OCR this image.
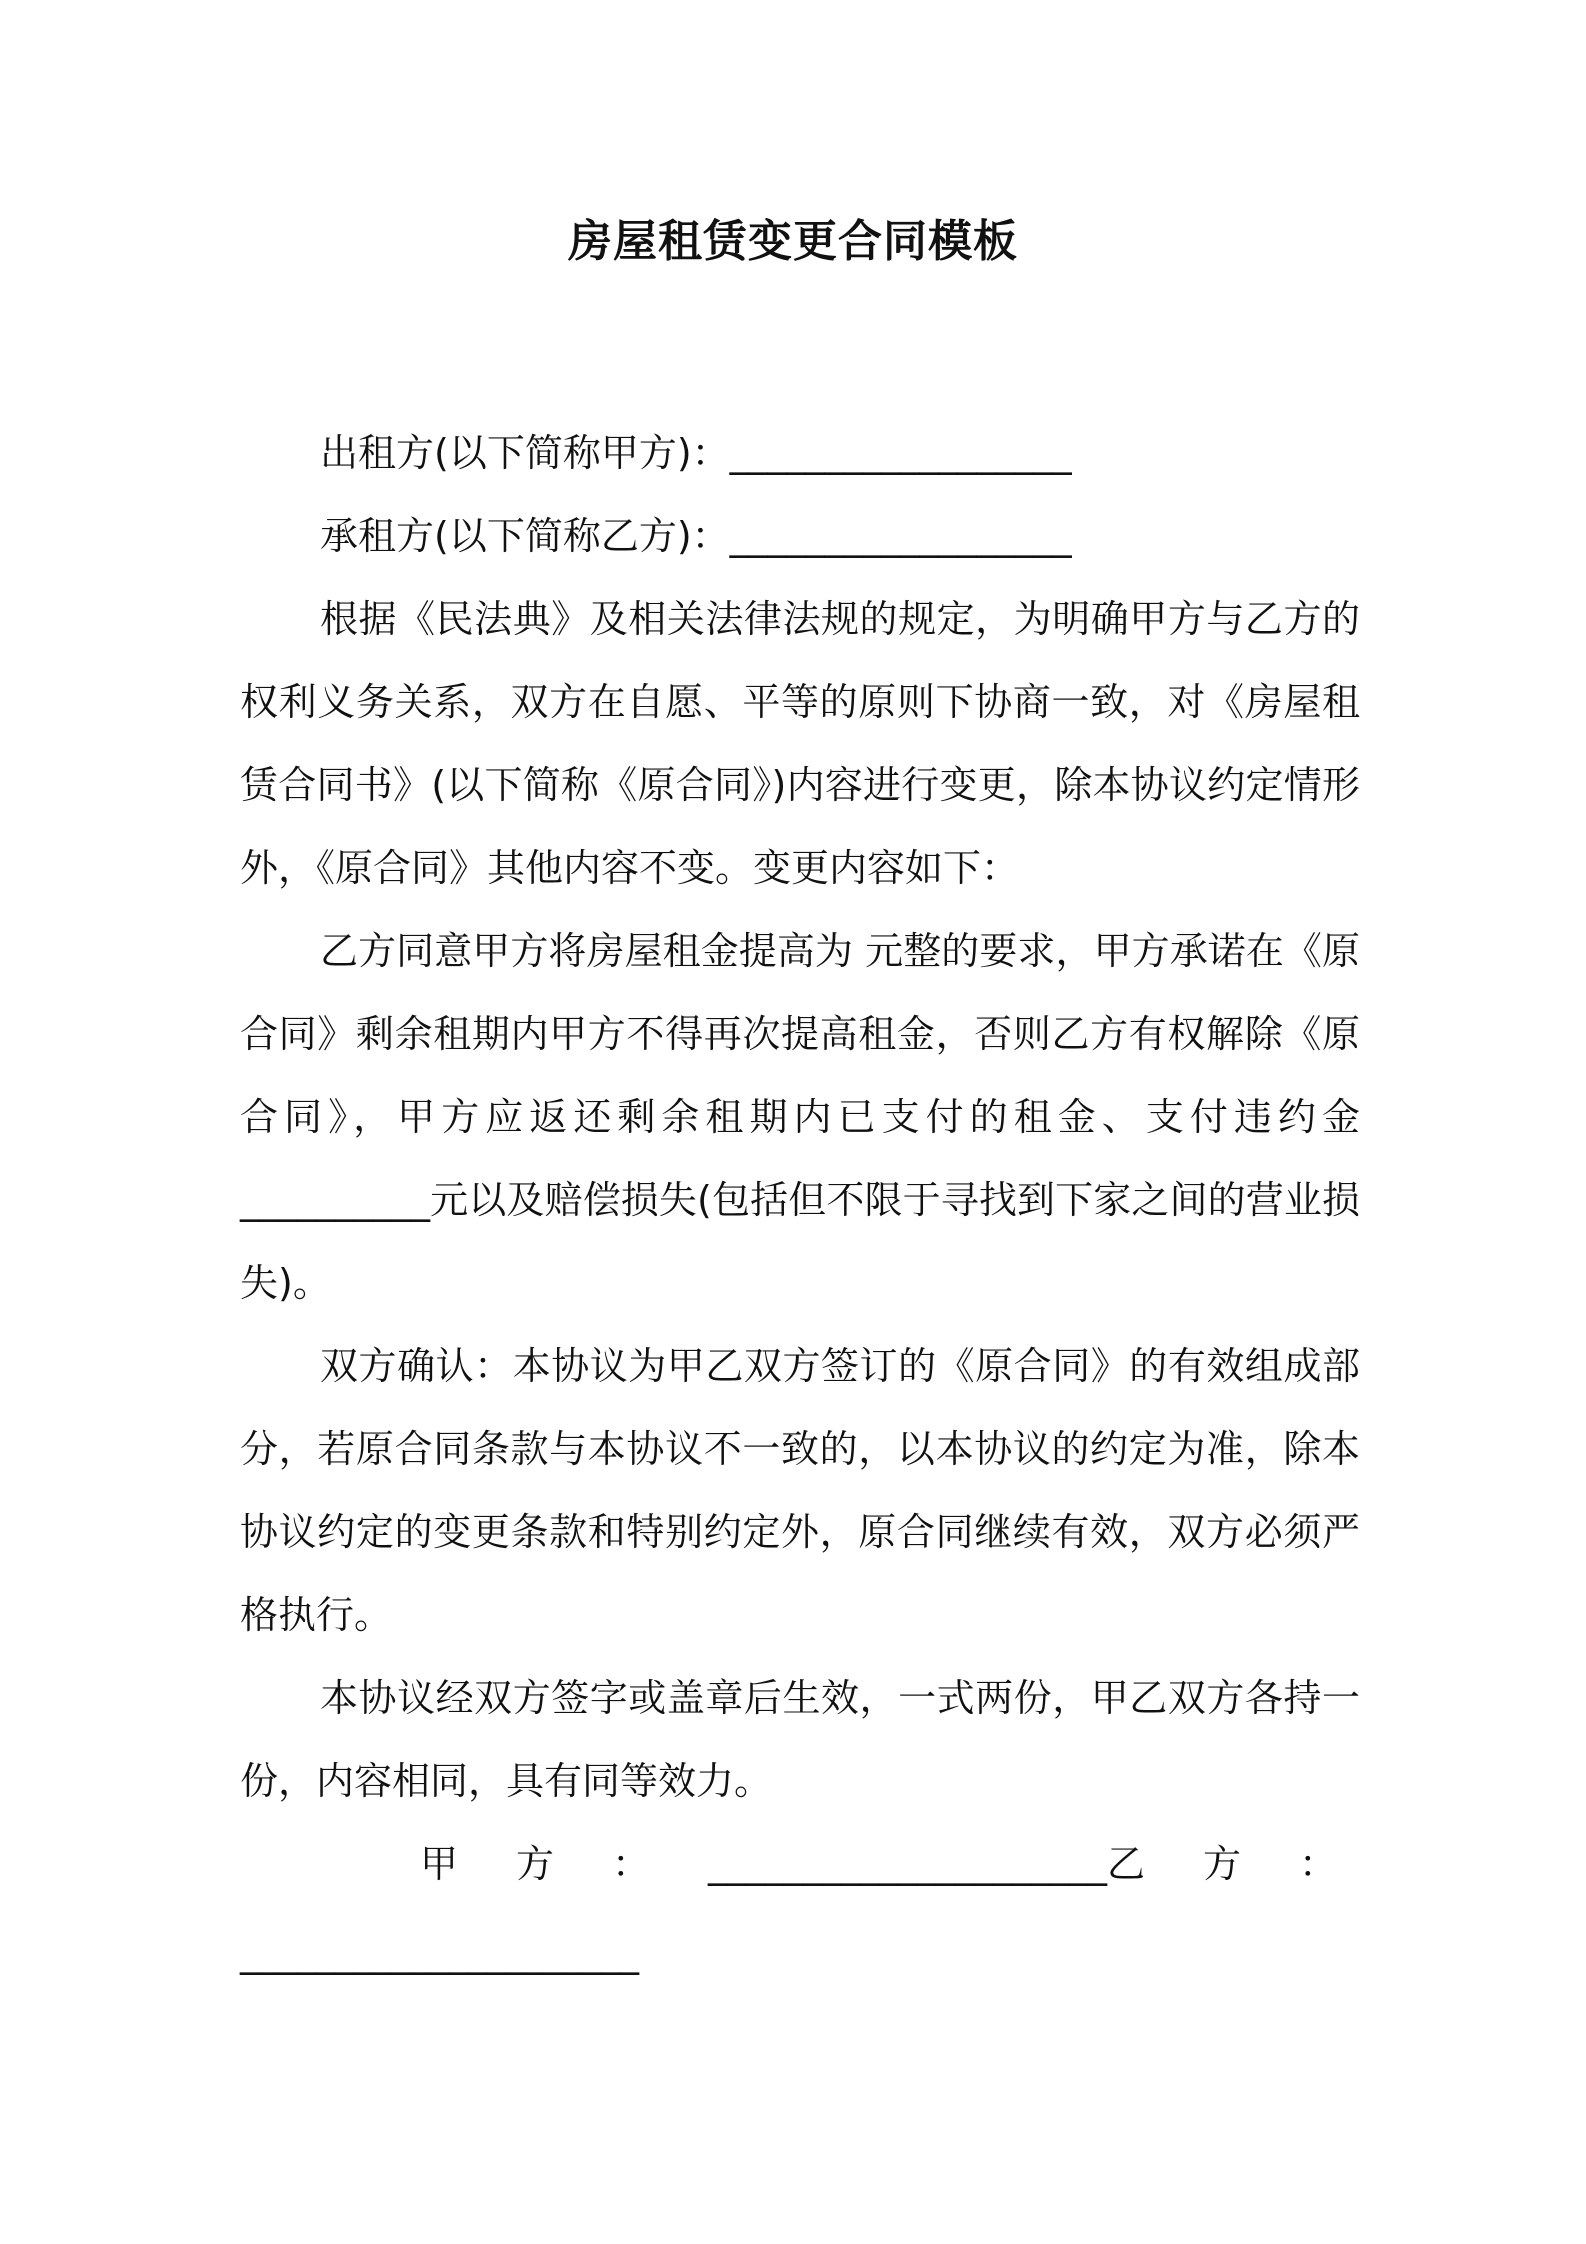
房屋租赁变更合同模板

出租方(以下简称甲方)：__________________

承租方(以下简称乙方)：__________________

根据《民法典》及相关法律法规的规定，为明确甲方与乙方的权利义务关系，双方在自愿、平等的原则下协商一致，对《房屋租赁合同书》(以下简称《原合同》)内容进行变更，除本协议约定情形外，《原合同》其他内容不变。变更内容如下：

乙方同意甲方将房屋租金提高为 元整的要求，甲方承诺在《原合同》剩余租期内甲方不得再次提高租金，否则乙方有权解除《原合同》，甲方应返还剩余租期内已支付的租金、支付违约金__________元以及赔偿损失(包括但不限于寻找到下家之间的营业损失)。

双方确认：本协议为甲乙双方签订的《原合同》的有效组成部分，若原合同条款与本协议不一致的，以本协议的约定为准，除本协议约定的变更条款和特别约定外，原合同继续有效，双方必须严格执行。

本协议经双方签字或盖章后生效，一式两份，甲乙双方各持一份，内容相同，具有同等效力。

甲方：_____________________乙方：

_____________________
